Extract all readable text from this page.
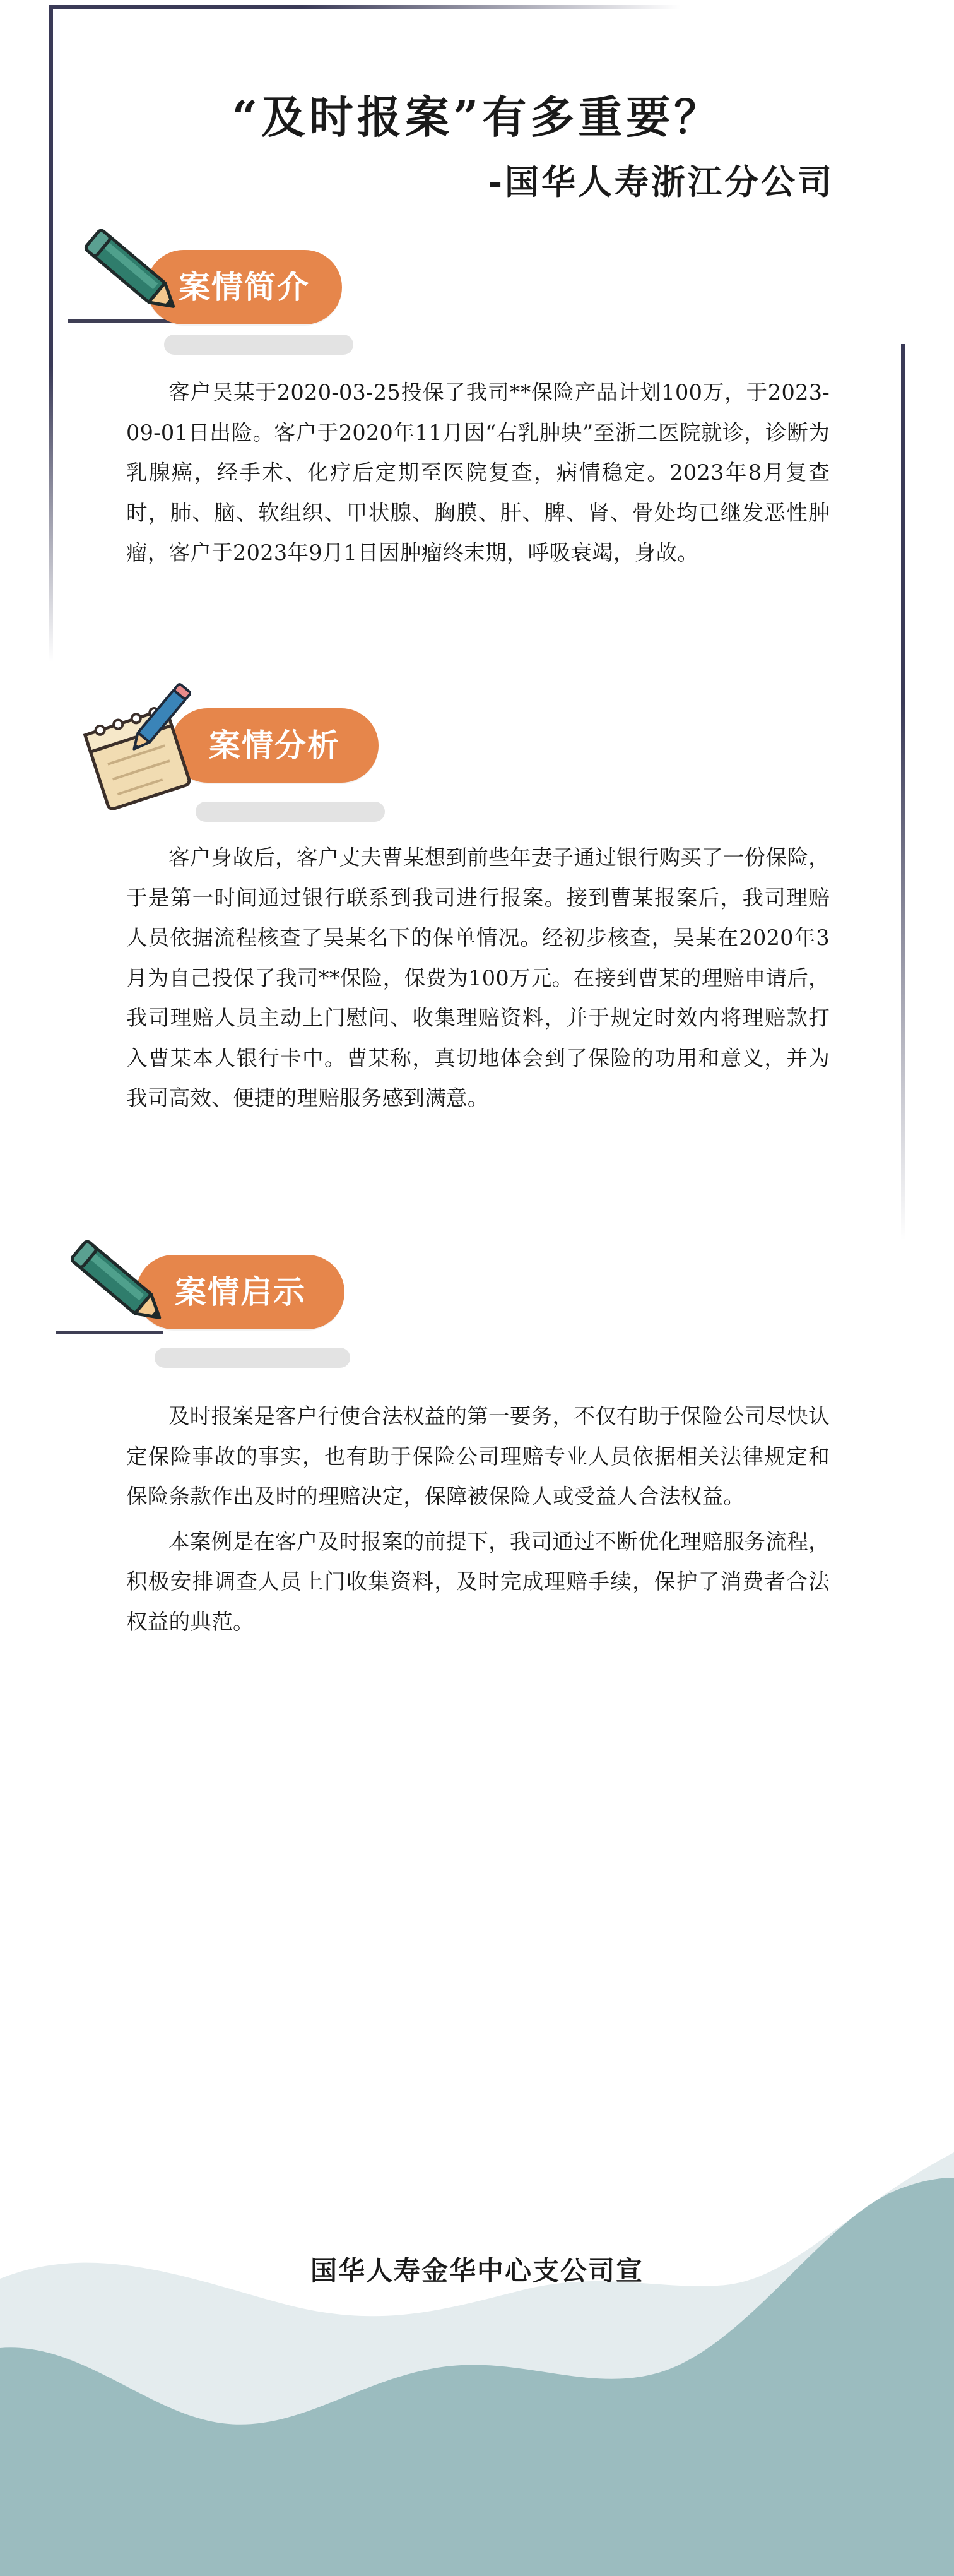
“及时报案”有多重要？
-国华人寿浙江分公司
案情简介

客户吴某于2020-03-25投保了我司**保险产品计划100万，于2023-09-01日出险。客户于2020年11月因“右乳肿块”至浙二医院就诊，诊断为乳腺癌，经手术、化疗后定期至医院复查，病情稳定。2023年8月复查时，肺、脑、软组织、甲状腺、胸膜、肝、脾、肾、骨处均已继发恶性肿瘤，客户于2023年9月1日因肿瘤终末期，呼吸衰竭，身故。

案情分析

客户身故后，客户丈夫曹某想到前些年妻子通过银行购买了一份保险，于是第一时间通过银行联系到我司进行报案。接到曹某报案后，我司理赔人员依据流程核查了吴某名下的保单情况。经初步核查，吴某在2020年3月为自己投保了我司**保险，保费为100万元。在接到曹某的理赔申请后，我司理赔人员主动上门慰问、收集理赔资料，并于规定时效内将理赔款打入曹某本人银行卡中。曹某称，真切地体会到了保险的功用和意义，并为我司高效、便捷的理赔服务感到满意。

案情启示

及时报案是客户行使合法权益的第一要务，不仅有助于保险公司尽快认定保险事故的事实，也有助于保险公司理赔专业人员依据相关法律规定和保险条款作出及时的理赔决定，保障被保险人或受益人合法权益。

本案例是在客户及时报案的前提下，我司通过不断优化理赔服务流程，积极安排调查人员上门收集资料，及时完成理赔手续，保护了消费者合法权益的典范。

国华人寿金华中心支公司宣
